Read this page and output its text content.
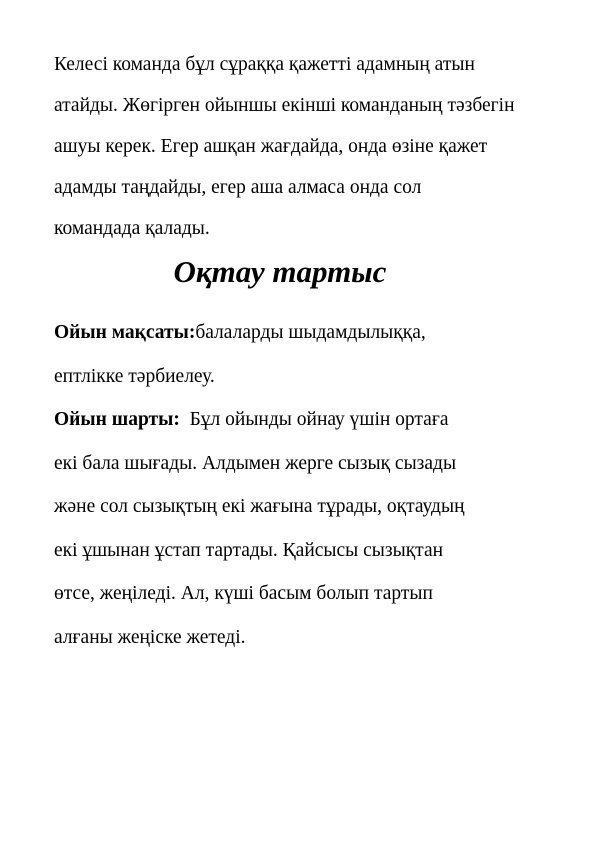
Келесі команда бұл сұраққа қажетті адамның атын
атайды. Жөгірген ойыншы екінші команданың тәзбегін
ашуы керек. Егер ашқан жағдайда, онда өзіне қажет
адамды таңдайды, егер аша алмаса онда сол
командада қалады.
Оқтау тартыс
Ойын мақсаты:балаларды шыдамдылыққа,
ептлікке тәрбиелеу.
Ойын шарты:  Бұл ойынды ойнау үшін ортаға
екі бала шығады. Алдымен жерге сызық сызады
және сол сызықтың екі жағына тұрады, оқтаудың
екі ұшынан ұстап тартады. Қайсысы сызықтан
өтсе, жеңіледі. Ал, күші басым болып тартып
алғаны жеңіске жетеді.
